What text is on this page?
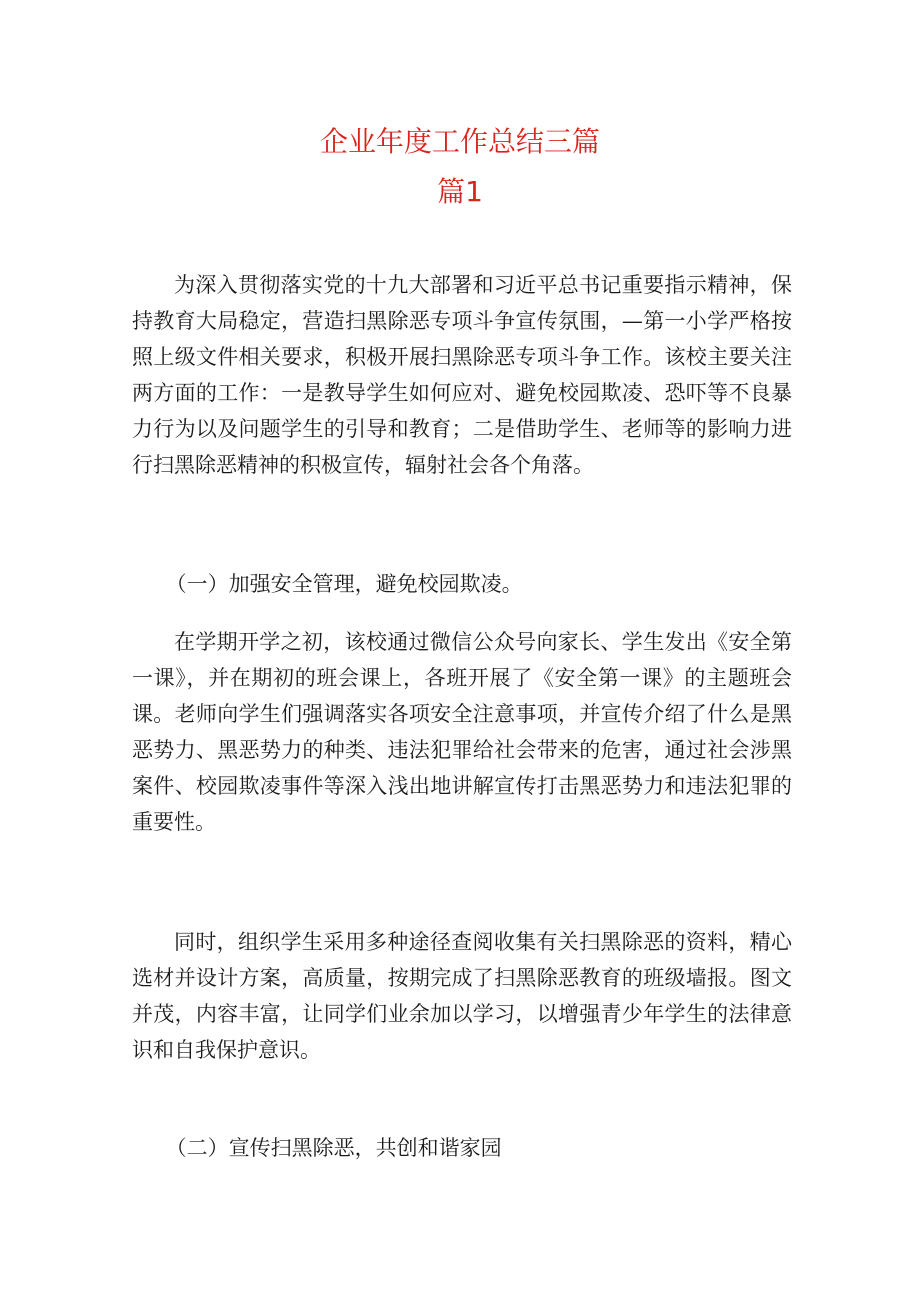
企业年度工作总结三篇
篇1

为深入贯彻落实党的十九大部署和习近平总书记重要指示精神，保持教育大局稳定，营造扫黑除恶专项斗争宣传氛围，—第一小学严格按照上级文件相关要求，积极开展扫黑除恶专项斗争工作。该校主要关注两方面的工作：一是教导学生如何应对、避免校园欺凌、恐吓等不良暴力行为以及问题学生的引导和教育；二是借助学生、老师等的影响力进行扫黑除恶精神的积极宣传，辐射社会各个角落。

（一）加强安全管理，避免校园欺凌。

在学期开学之初，该校通过微信公众号向家长、学生发出《安全第一课》，并在期初的班会课上，各班开展了《安全第一课》的主题班会课。老师向学生们强调落实各项安全注意事项，并宣传介绍了什么是黑恶势力、黑恶势力的种类、违法犯罪给社会带来的危害，通过社会涉黑案件、校园欺凌事件等深入浅出地讲解宣传打击黑恶势力和违法犯罪的重要性。

同时，组织学生采用多种途径查阅收集有关扫黑除恶的资料，精心选材并设计方案，高质量，按期完成了扫黑除恶教育的班级墙报。图文并茂，内容丰富，让同学们业余加以学习，以增强青少年学生的法律意识和自我保护意识。

（二）宣传扫黑除恶，共创和谐家园
